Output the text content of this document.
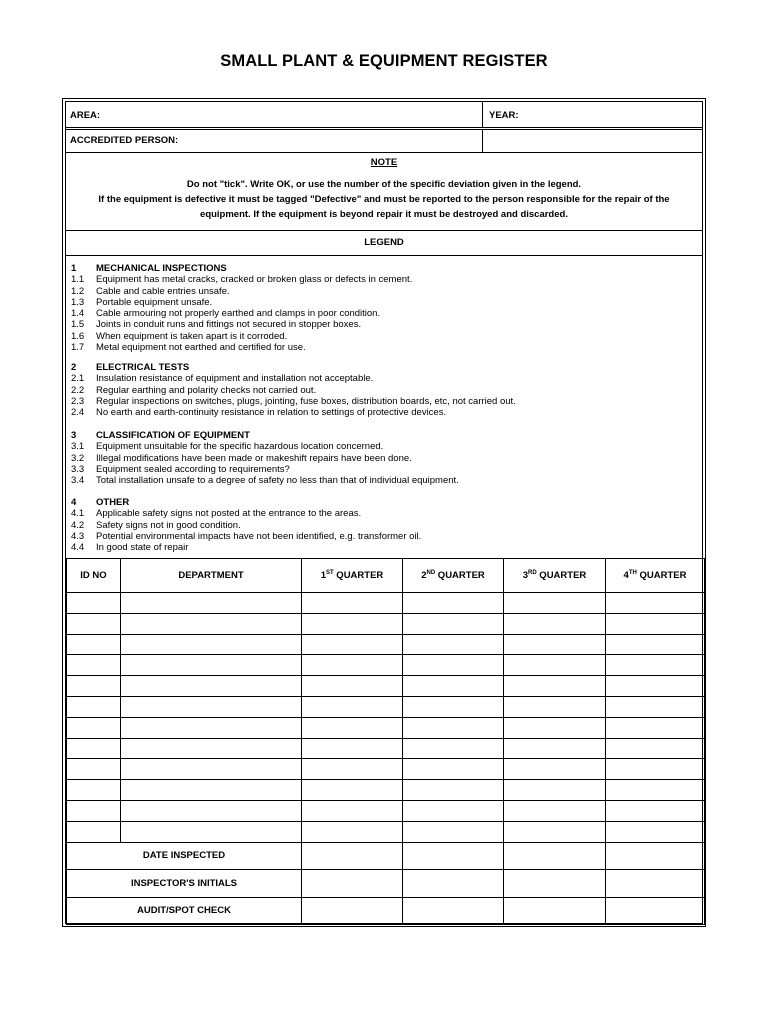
SMALL PLANT & EQUIPMENT REGISTER
AREA:	YEAR:
ACCREDITED PERSON:
NOTE
Do not "tick". Write OK, or use the number of the specific deviation given in the legend.
If the equipment is defective it must be tagged "Defective" and must be reported to the person responsible for the repair of the
equipment. If the equipment is beyond repair it must be destroyed and discarded.
LEGEND
1 MECHANICAL INSPECTIONS
1.1 Equipment has metal cracks, cracked or broken glass or defects in cement.
1.2 Cable and cable entries unsafe.
1.3 Portable equipment unsafe.
1.4 Cable armouring not properly earthed and clamps in poor condition.
1.5 Joints in conduit runs and fittings not secured in stopper boxes.
1.6 When equipment is taken apart is it corroded.
1.7 Metal equipment not earthed and certified for use.
2 ELECTRICAL TESTS
2.1 Insulation resistance of equipment and installation not acceptable.
2.2 Regular earthing and polarity checks not carried out.
2.3 Regular inspections on switches, plugs, jointing, fuse boxes, distribution boards, etc, not carried out.
2.4 No earth and earth-continuity resistance in relation to settings of protective devices.
3 CLASSIFICATION OF EQUIPMENT
3.1 Equipment unsuitable for the specific hazardous location concerned.
3.2 Illegal modifications have been made or makeshift repairs have been done.
3.3 Equipment sealed according to requirements?
3.4 Total installation unsafe to a degree of safety no less than that of individual equipment.
4 OTHER
4.1 Applicable safety signs not posted at the entrance to the areas.
4.2 Safety signs not in good condition.
4.3 Potential environmental impacts have not been identified, e.g. transformer oil.
4.4 In good state of repair
ID NO	DEPARTMENT	1ST QUARTER	2ND QUARTER	3RD QUARTER	4TH QUARTER

DATE INSPECTED					
INSPECTOR'S INITIALS					
AUDIT/SPOT CHECK					
